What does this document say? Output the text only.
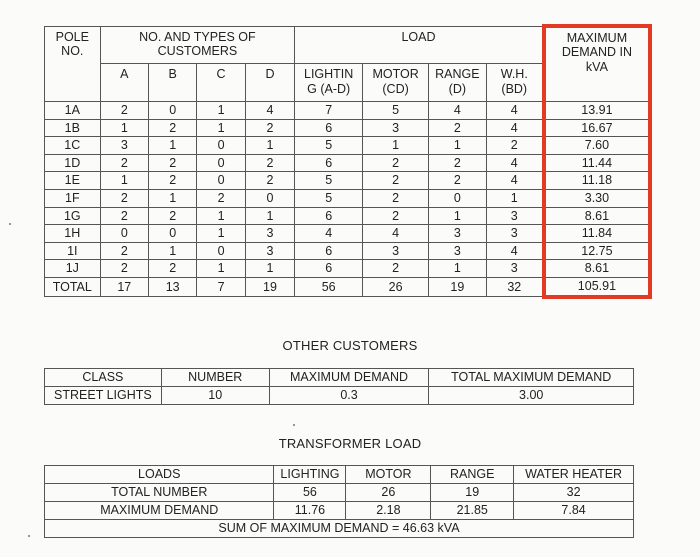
POLE NO.	NO. AND TYPES OF CUSTOMERS				LOAD				MAXIMUM DEMAND IN kVA
	A	B	C	D	LIGHTIN G (A-D)	MOTOR (CD)	RANGE (D)	W.H. (BD)	
1A	2	0	1	4	7	5	4	4	13.91
1B	1	2	1	2	6	3	2	4	16.67
1C	3	1	0	1	5	1	1	2	7.60
1D	2	2	0	2	6	2	2	4	11.44
1E	1	2	0	2	5	2	2	4	11.18
1F	2	1	2	0	5	2	0	1	3.30
1G	2	2	1	1	6	2	1	3	8.61
1H	0	0	1	3	4	4	3	3	11.84
1I	2	1	0	3	6	3	3	4	12.75
1J	2	2	1	1	6	2	1	3	8.61
TOTAL	17	13	7	19	56	26	19	32	105.91
OTHER CUSTOMERS
CLASS	NUMBER	MAXIMUM DEMAND	TOTAL MAXIMUM DEMAND
STREET LIGHTS	10	0.3	3.00
TRANSFORMER LOAD
LOADS	LIGHTING	MOTOR	RANGE	WATER HEATER
TOTAL NUMBER	56	26	19	32
MAXIMUM DEMAND	11.76	2.18	21.85	7.84
SUM OF MAXIMUM DEMAND = 46.63 kVA				
